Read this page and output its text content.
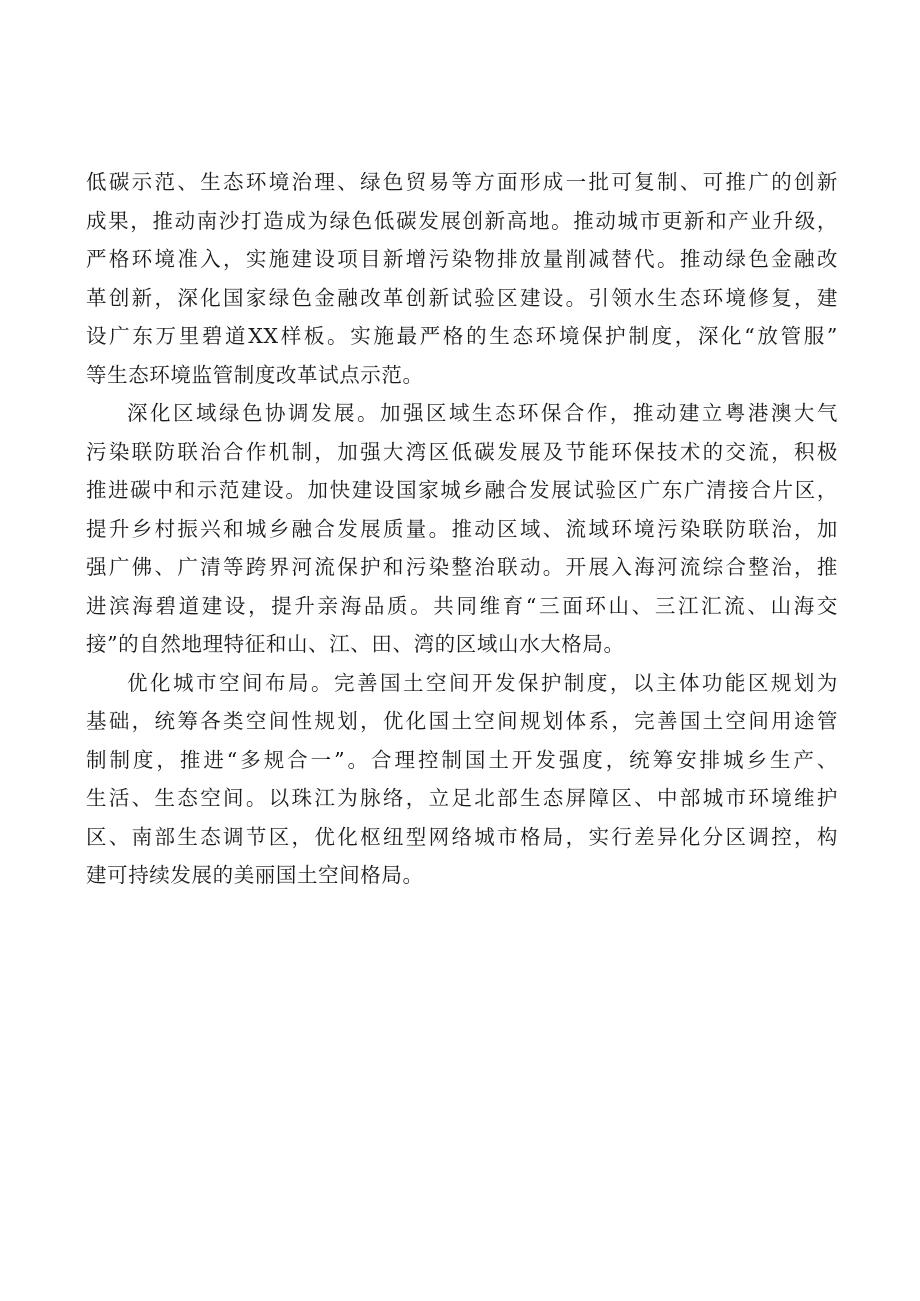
低碳示范、生态环境治理、绿色贸易等方面形成一批可复制、可推广的创新
成果，推动南沙打造成为绿色低碳发展创新高地。推动城市更新和产业升级，
严格环境准入，实施建设项目新增污染物排放量削减替代。推动绿色金融改
革创新，深化国家绿色金融改革创新试验区建设。引领水生态环境修复，建
设广东万里碧道XX样板。实施最严格的生态环境保护制度，深化“放管服”
等生态环境监管制度改革试点示范。
深化区域绿色协调发展。加强区域生态环保合作，推动建立粤港澳大气
污染联防联治合作机制，加强大湾区低碳发展及节能环保技术的交流，积极
推进碳中和示范建设。加快建设国家城乡融合发展试验区广东广清接合片区，
提升乡村振兴和城乡融合发展质量。推动区域、流域环境污染联防联治，加
强广佛、广清等跨界河流保护和污染整治联动。开展入海河流综合整治，推
进滨海碧道建设，提升亲海品质。共同维育“三面环山、三江汇流、山海交
接”的自然地理特征和山、江、田、湾的区域山水大格局。
优化城市空间布局。完善国土空间开发保护制度，以主体功能区规划为
基础，统筹各类空间性规划，优化国土空间规划体系，完善国土空间用途管
制制度，推进“多规合一”。合理控制国土开发强度，统筹安排城乡生产、
生活、生态空间。以珠江为脉络，立足北部生态屏障区、中部城市环境维护
区、南部生态调节区，优化枢纽型网络城市格局，实行差异化分区调控，构
建可持续发展的美丽国土空间格局。
